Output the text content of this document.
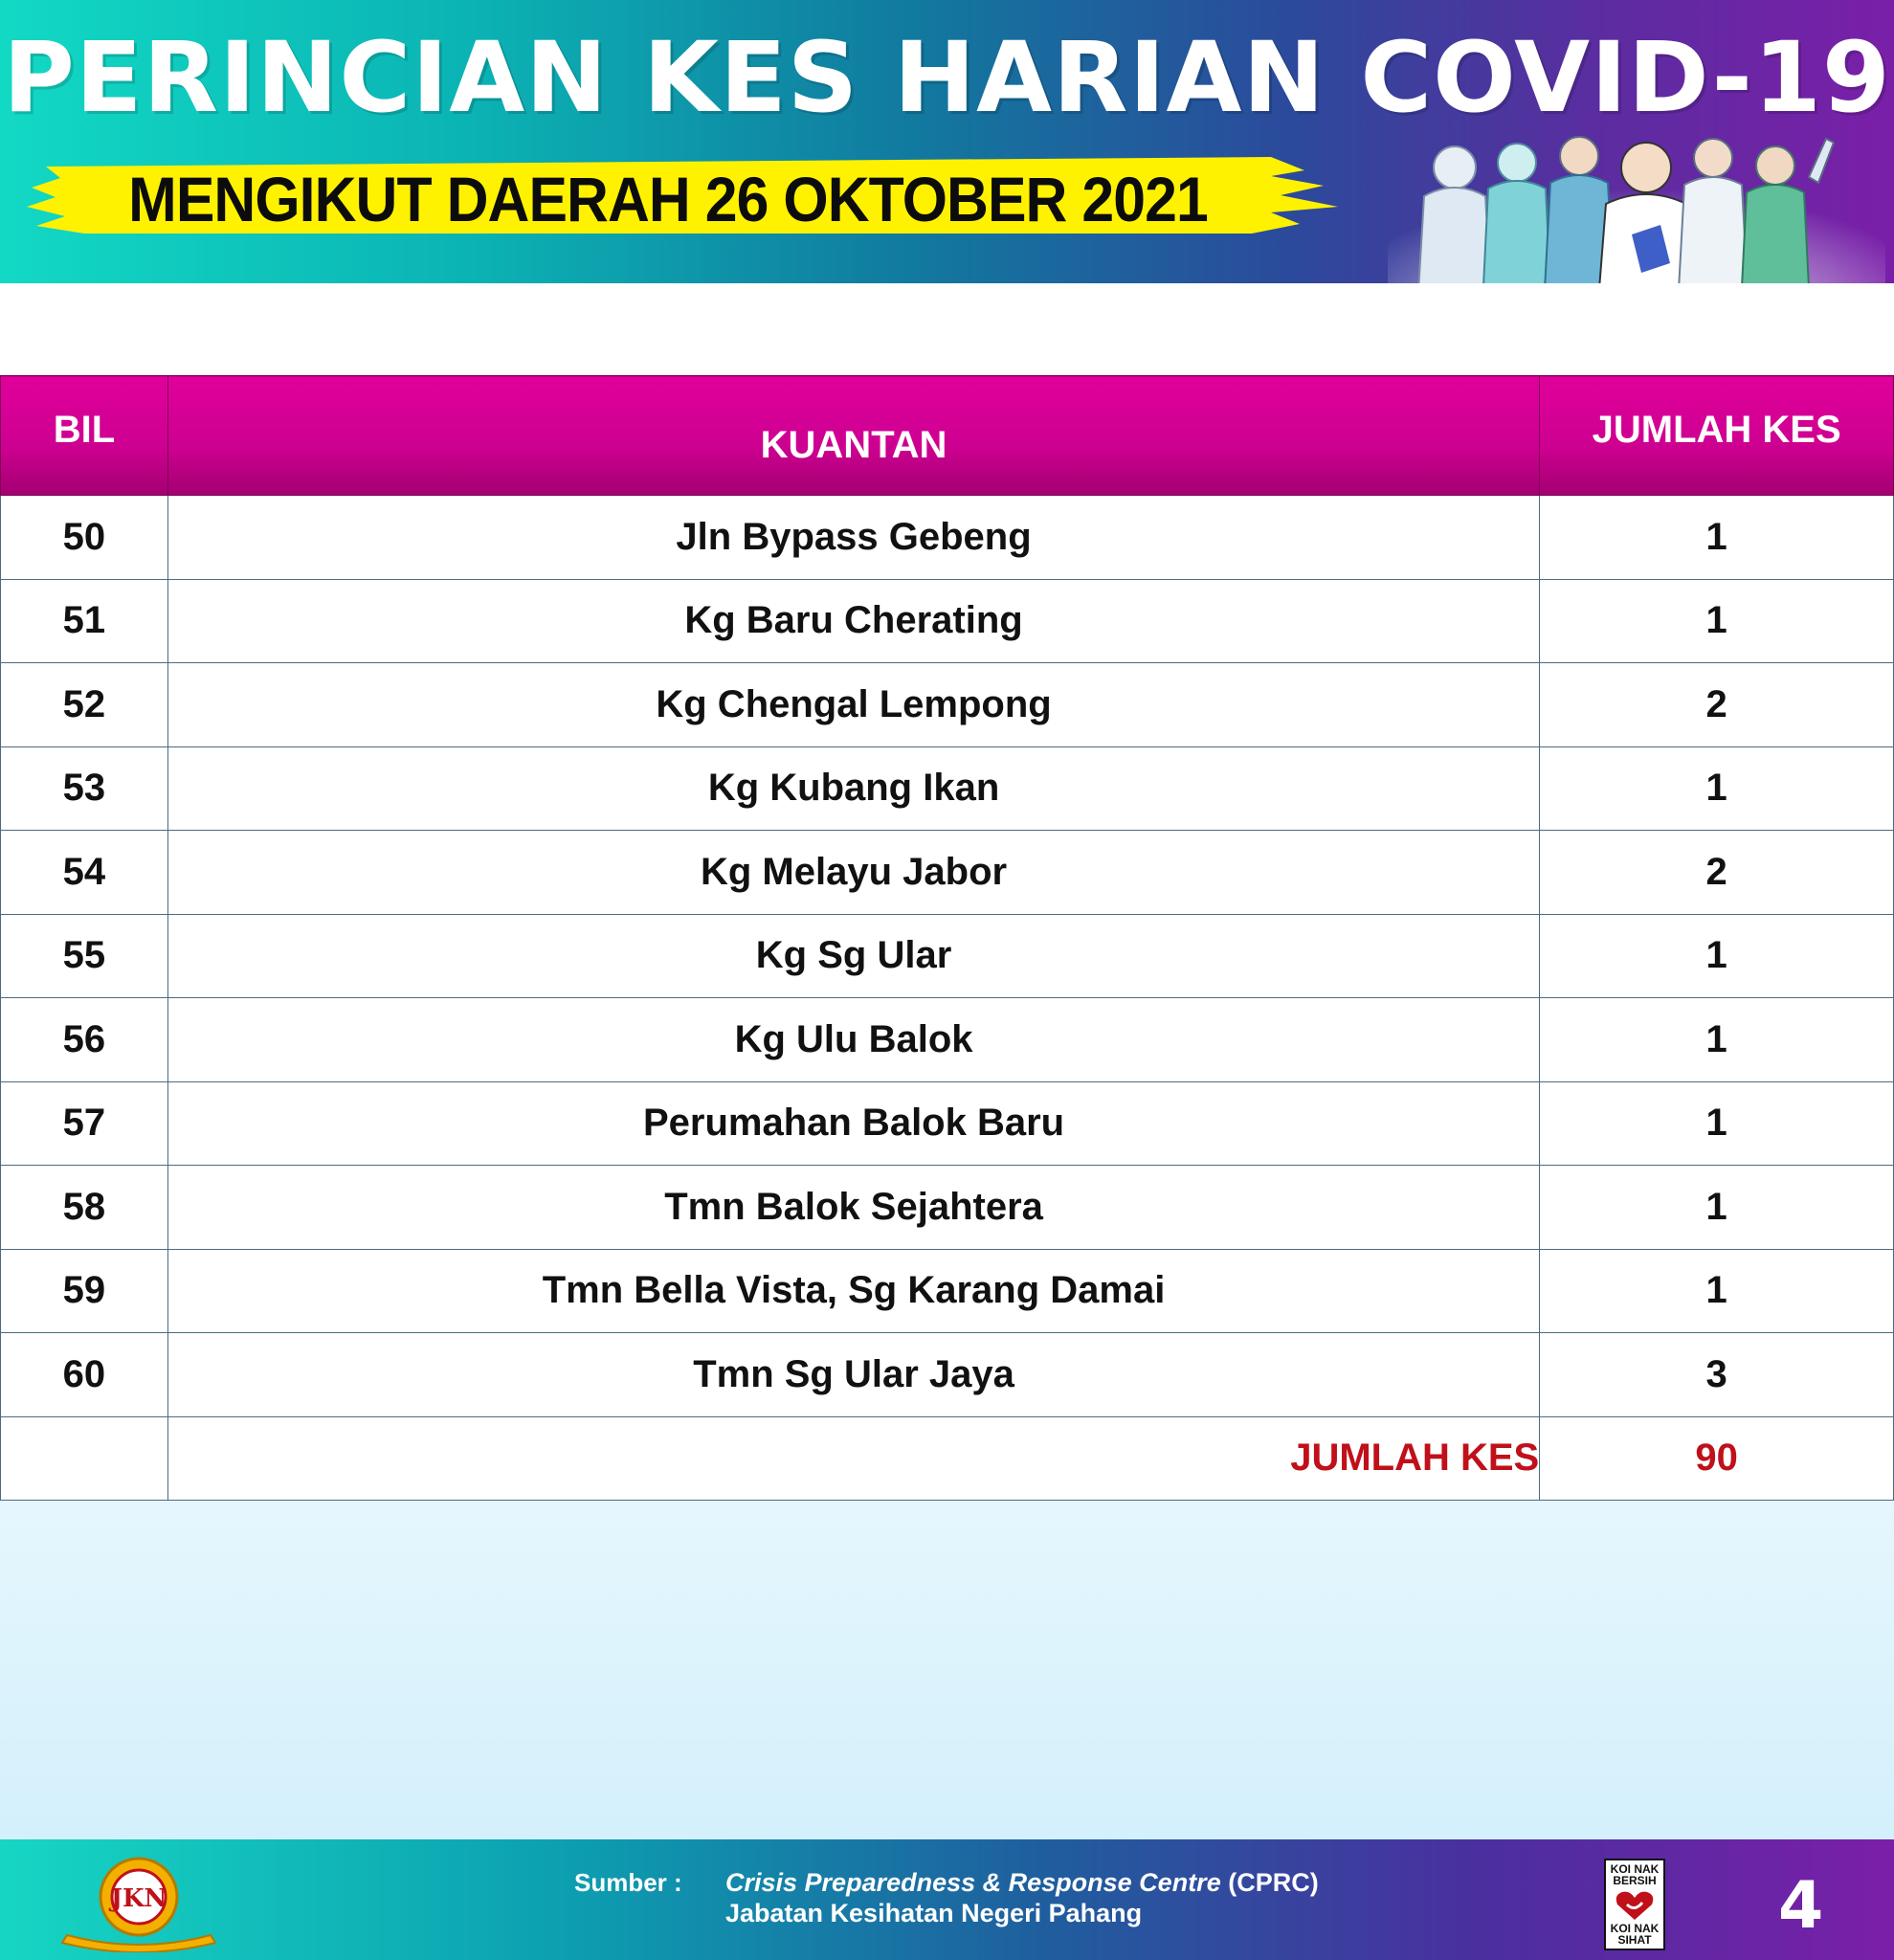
PERINCIAN KES HARIAN COVID-19
MENGIKUT DAERAH 26 OKTOBER 2021
BIL	KUANTAN	JUMLAH KES
50	Jln Bypass Gebeng	1
51	Kg Baru Cherating	1
52	Kg Chengal Lempong	2
53	Kg Kubang Ikan	1
54	Kg Melayu Jabor	2
55	Kg Sg Ular	1
56	Kg Ulu Balok	1
57	Perumahan Balok Baru	1
58	Tmn Balok Sejahtera	1
59	Tmn Bella Vista, Sg Karang Damai	1
60	Tmn Sg Ular Jaya	3
	JUMLAH KES	90
JKN
Sumber : Crisis Preparedness & Response Centre (CPRC)
Jabatan Kesihatan Negeri Pahang
KOI NAK BERSIH
KOI NAK SIHAT 4
